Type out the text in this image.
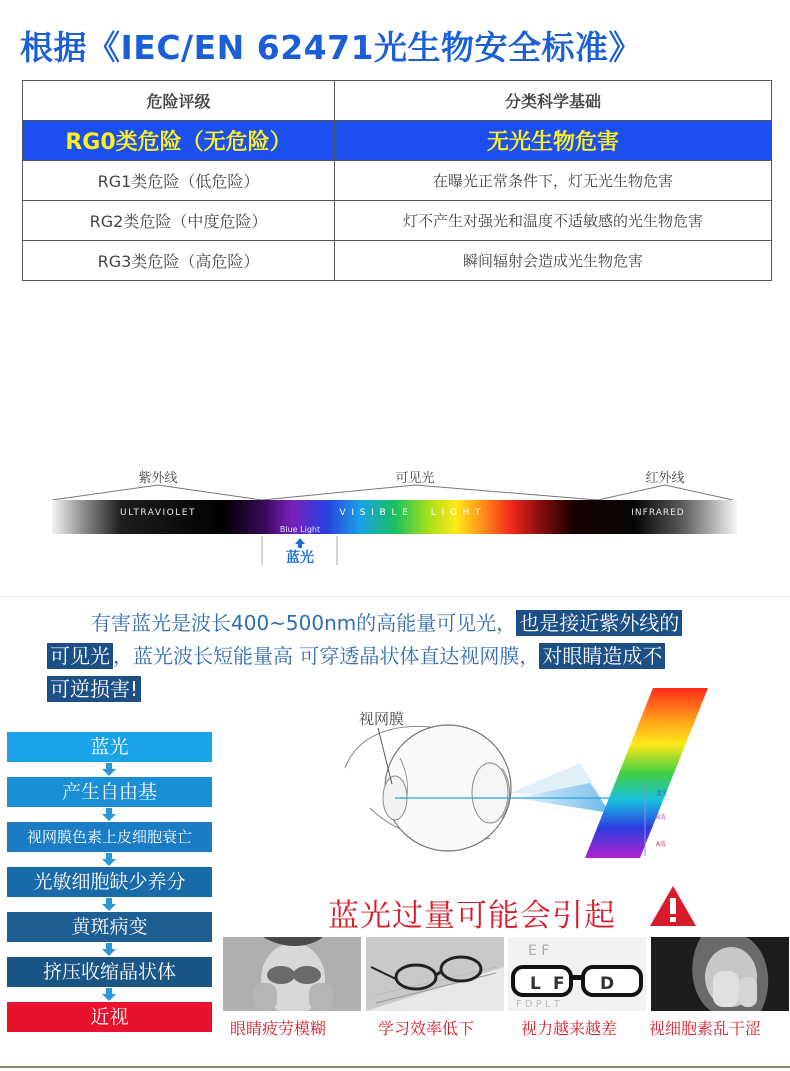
根据《IEC/EN 62471光生物安全标准》
危险评级	分类科学基础
RG0类危险（无危险）	无光生物危害
RG1类危险（低危险）	在曝光正常条件下，灯无光生物危害
RG2类危险（中度危险）	灯不产生对强光和温度不适敏感的光生物危害
RG3类危险（高危险）	瞬间辐射会造成光生物危害
紫外线	可见光	红外线
ULTRAVIOLET	V  I  S  I  B  L  E        L  I  G  H  T	INFRARED
Blue Light
蓝光
有害蓝光是波长400~500nm的高能量可见光， 也是接近紫外线的
可见光 ，蓝光波长短能量高 可穿透晶状体直达视网膜， 对眼睛造成不
可逆损害!
蓝光
产生自由基
视网膜色素上皮细胞衰亡
光敏细胞缺少养分
黄斑病变
挤压收缩晶状体
近视
视网膜
蓝光
B波
A波
蓝光过量可能会引起
E F
F D P L T
L F D
眼睛疲劳模糊	学习效率低下	视力越来越差 视细胞素乱干涩
